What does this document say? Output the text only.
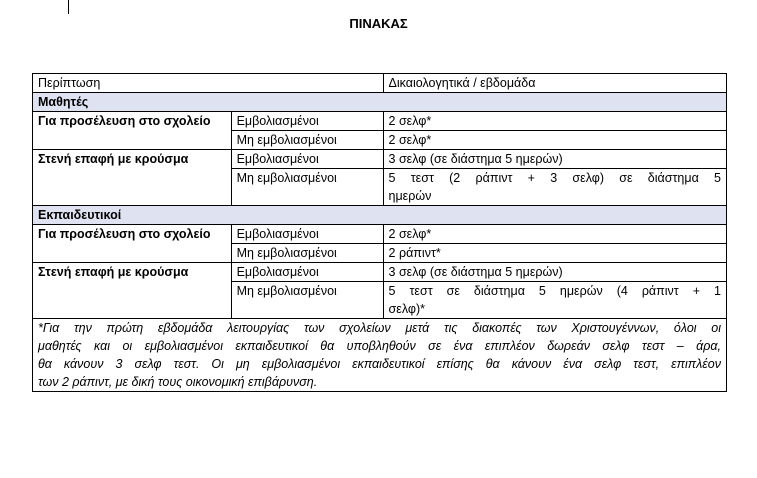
ΠΙΝΑΚΑΣ
Περίπτωση		Δικαιολογητικά / εβδομάδα
Μαθητές		
Για προσέλευση στο σχολείο	Εμβολιασμένοι	2 σελφ*
	Μη εμβολιασμένοι	2 σελφ*
Στενή επαφή με κρούσμα	Εμβολιασμένοι	3 σελφ (σε διάστημα 5 ημερών)
	Μη εμβολιασμένοι	5 τεστ (2 ράπιντ + 3 σελφ) σε διάστημα 5
ημερών

Εκπαιδευτικοί		
Για προσέλευση στο σχολείο	Εμβολιασμένοι	2 σελφ*
	Μη εμβολιασμένοι	2 ράπιντ*
Στενή επαφή με κρούσμα	Εμβολιασμένοι	3 σελφ (σε διάστημα 5 ημερών)
	Μη εμβολιασμένοι	5 τεστ σε διάστημα 5 ημερών (4 ράπιντ + 1
σελφ)*

*Για την πρώτη εβδομάδα λειτουργίας των σχολείων μετά τις διακοπές των Χριστουγέννων, όλοι οι
μαθητές και οι εμβολιασμένοι εκπαιδευτικοί θα υποβληθούν σε ένα επιπλέον δωρεάν σελφ τεστ – άρα,
θα κάνουν 3 σελφ τεστ. Οι μη εμβολιασμένοι εκπαιδευτικοί επίσης θα κάνουν ένα σελφ τεστ, επιπλέον
των 2 ράπιντ, με δική τους οικονομική επιβάρυνση.		
